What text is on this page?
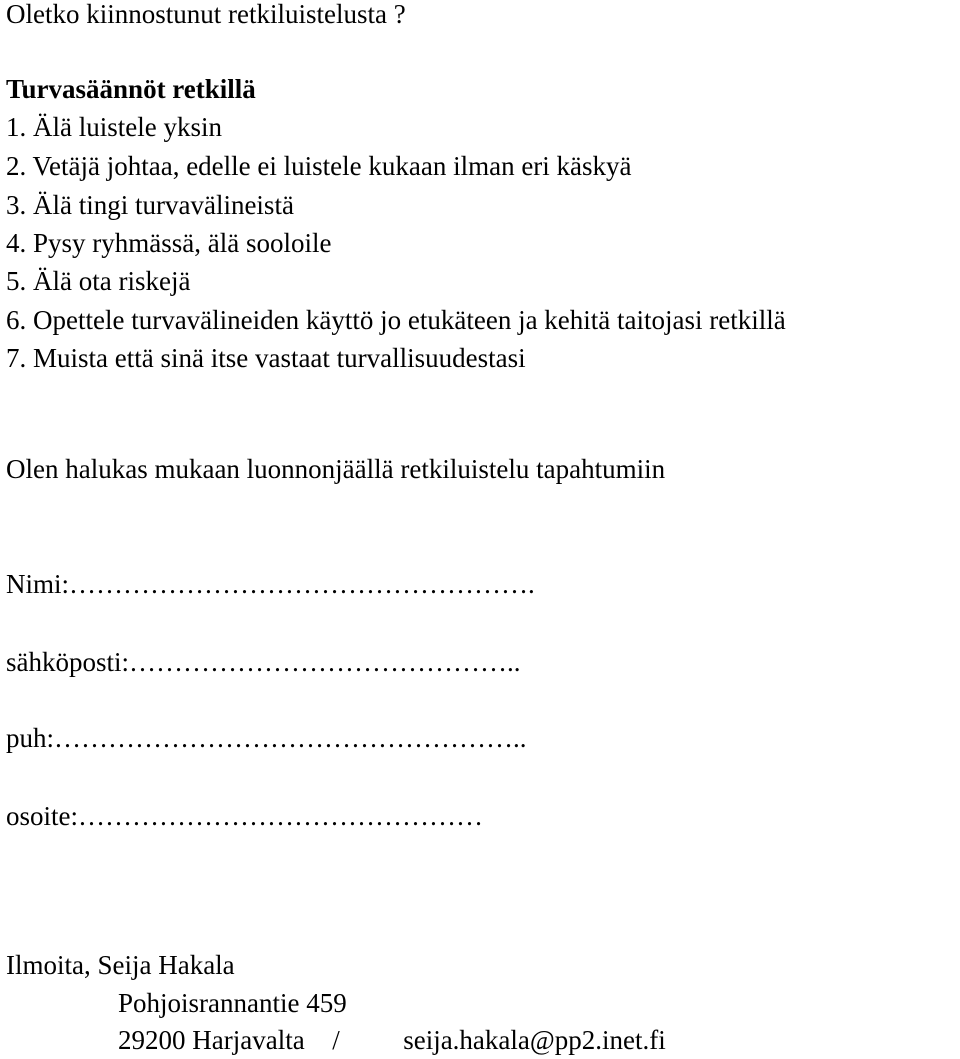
Oletko kiinnostunut retkiluistelusta ?
Turvasäännöt retkillä
1. Älä luistele yksin
2. Vetäjä johtaa, edelle ei luistele kukaan ilman eri käskyä
3. Älä tingi turvavälineistä
4. Pysy ryhmässä, älä sooloile
5. Älä ota riskejä
6. Opettele turvavälineiden käyttö jo etukäteen ja kehitä taitojasi retkillä
7. Muista että sinä itse vastaat turvallisuudestasi
Olen halukas mukaan luonnonjäällä retkiluistelu tapahtumiin
Nimi:…………………………………………….
sähköposti:……………………………………..
puh:……………………………………………..
osoite:………………………………………
Ilmoita, Seija Hakala
Pohjoisrannantie 459
29200 Harjavalta / seija.hakala@pp2.inet.fi
